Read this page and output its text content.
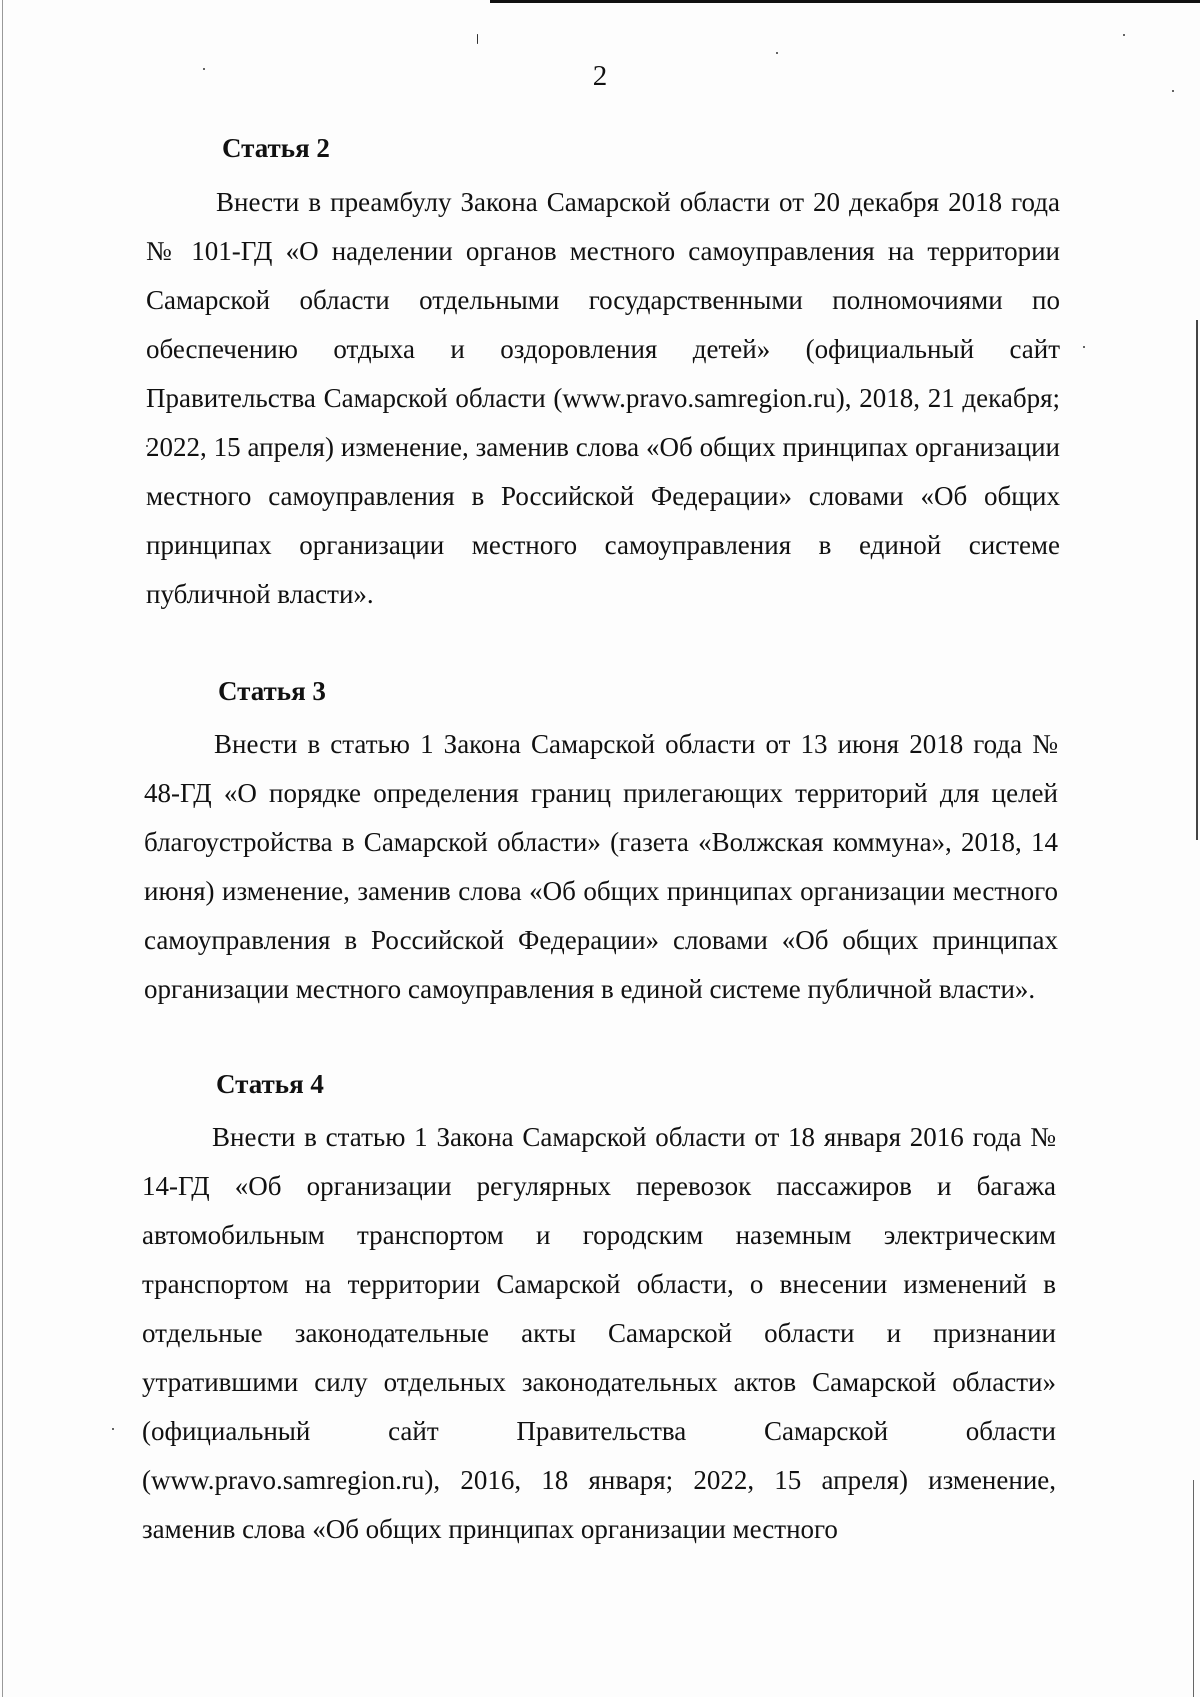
2
Статья 2

Внести в преамбулу Закона Самарской области от 20 декабря 2018 года № 101-ГД «О наделении органов местного самоуправления на территории Самарской области отдельными государственными полномочиями по обеспечению отдыха и оздоровления детей» (официальный сайт Правительства Самарской области (www.pravo.samregion.ru), 2018, 21 декабря; 2022, 15 апреля) изменение, заменив слова «Об общих принципах организации местного самоуправления в Российской Федерации» словами «Об общих принципах организации местного самоуправления в единой системе публичной власти».

Статья 3

Внести в статью 1 Закона Самарской области от 13 июня 2018 года № 48-ГД «О порядке определения границ прилегающих территорий для целей благоустройства в Самарской области» (газета «Волжская коммуна», 2018, 14 июня) изменение, заменив слова «Об общих принципах организации местного самоуправления в Российской Федерации» словами «Об общих принципах организации местного самоуправления в единой системе публичной власти».

Статья 4

Внести в статью 1 Закона Самарской области от 18 января 2016 года № 14-ГД «Об организации регулярных перевозок пассажиров и багажа автомобильным транспортом и городским наземным электрическим транспортом на территории Самарской области, о внесении изменений в отдельные законодательные акты Самарской области и признании утратившими силу отдельных законодательных актов Самарской области» (официальный сайт Правительства Самарской области (www.pravo.samregion.ru), 2016, 18 января; 2022, 15 апреля) изменение, заменив слова «Об общих принципах организации местного
